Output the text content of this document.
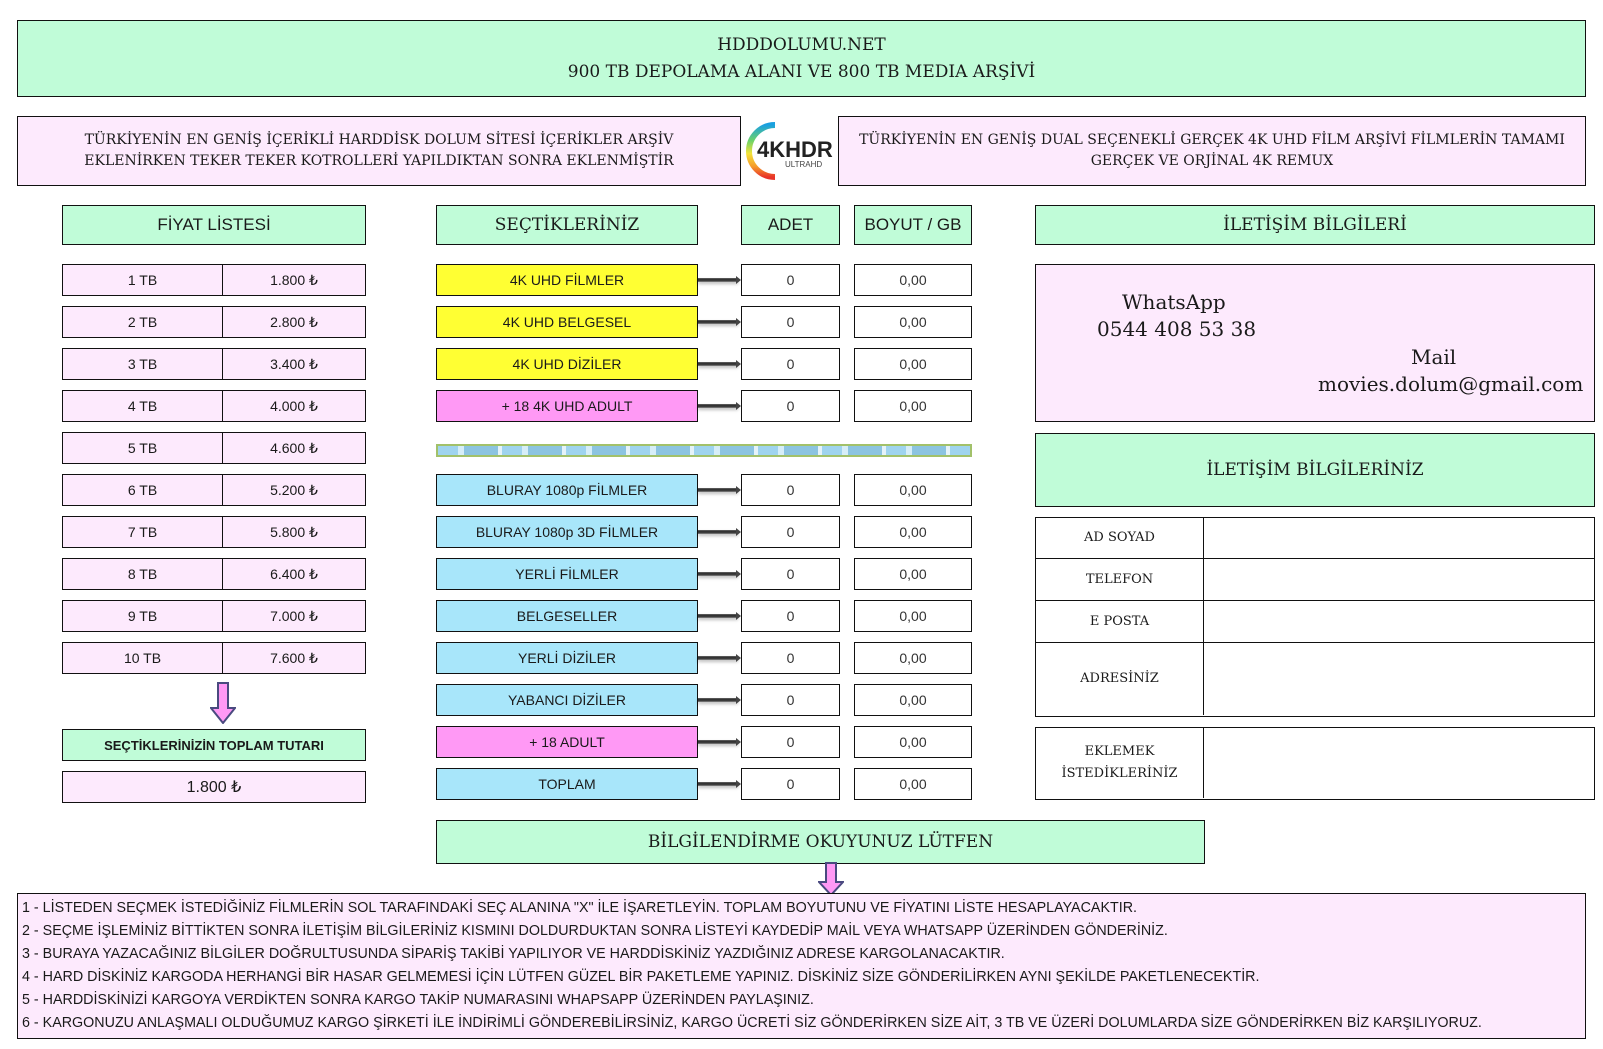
HDDDOLUMU.NET
900 TB DEPOLAMA ALANI VE 800 TB MEDIA ARŞİVİ
TÜRKİYENİN EN GENİŞ İÇERİKLİ HARDDİSK DOLUM SİTESİ İÇERİKLER ARŞİV EKLENİRKEN TEKER TEKER KOTROLLERİ YAPILDIKTAN SONRA EKLENMİŞTİR	4KHDR
ULTRAHD
TÜRKİYENİN EN GENİŞ DUAL SEÇENEKLİ GERÇEK 4K UHD FİLM ARŞİVİ FİLMLERİN TAMAMI GERÇEK VE ORJİNAL 4K REMUX
FİYAT LİSTESİ	SEÇTİKLERİNİZ	ADET	BOYUT / GB	İLETİŞİM BİLGİLERİ
1 TB	1.800 ₺
2 TB	2.800 ₺
3 TB	3.400 ₺
4 TB	4.000 ₺
5 TB	4.600 ₺
6 TB	5.200 ₺
7 TB	5.800 ₺
8 TB	6.400 ₺
9 TB	7.000 ₺
10 TB	7.600 ₺
4K UHD FİLMLER	0	0,00
4K UHD BELGESEL	0	0,00
4K UHD DİZİLER	0	0,00
+ 18 4K UHD ADULT	0	0,00
BLURAY 1080p FİLMLER	0	0,00
BLURAY 1080p 3D FİLMLER	0	0,00
YERLİ FİLMLER	0	0,00
BELGESELLER	0	0,00
YERLİ DİZİLER	0	0,00
YABANCI DİZİLER	0	0,00
+ 18 ADULT	0	0,00
TOPLAM	0	0,00
SEÇTİKLERİNİZİN TOPLAM TUTARI
1.800 ₺
WhatsApp
0544 408 53 38
Mail
movies.dolum@gmail.com
İLETİŞİM BİLGİLERİNİZ
AD SOYAD
TELEFON
E POSTA
ADRESİNİZ
EKLEMEK
İSTEDİKLERİNİZ
BİLGİLENDİRME OKUYUNUZ LÜTFEN
1 - LİSTEDEN SEÇMEK İSTEDİĞİNİZ FİLMLERİN SOL TARAFINDAKİ SEÇ ALANINA "X" İLE İŞARETLEYİN. TOPLAM BOYUTUNU VE FİYATINI LİSTE HESAPLAYACAKTIR.
2 - SEÇME İŞLEMİNİZ BİTTİKTEN SONRA İLETİŞİM BİLGİLERİNİZ KISMINI DOLDURDUKTAN SONRA LİSTEYİ KAYDEDİP MAİL VEYA WHATSAPP ÜZERİNDEN GÖNDERİNİZ.
3 - BURAYA YAZACAĞINIZ BİLGİLER DOĞRULTUSUNDA SİPARİŞ TAKİBİ YAPILIYOR VE HARDDİSKİNİZ YAZDIĞINIZ ADRESE KARGOLANACAKTIR.
4 - HARD DİSKİNİZ KARGODA HERHANGİ BİR HASAR GELMEMESİ İÇİN LÜTFEN GÜZEL BİR PAKETLEME YAPINIZ. DİSKİNİZ SİZE GÖNDERİLİRKEN AYNI ŞEKİLDE PAKETLENECEKTİR.
5 - HARDDİSKİNİZİ KARGOYA VERDİKTEN SONRA KARGO TAKİP NUMARASINI WHAPSAPP ÜZERİNDEN PAYLAŞINIZ.
6 - KARGONUZU ANLAŞMALI OLDUĞUMUZ KARGO ŞİRKETİ İLE İNDİRİMLİ GÖNDEREBİLİRSİNİZ, KARGO ÜCRETİ SİZ GÖNDERİRKEN SİZE AİT, 3 TB VE ÜZERİ DOLUMLARDA SİZE GÖNDERİRKEN BİZ KARŞILIYORUZ.
